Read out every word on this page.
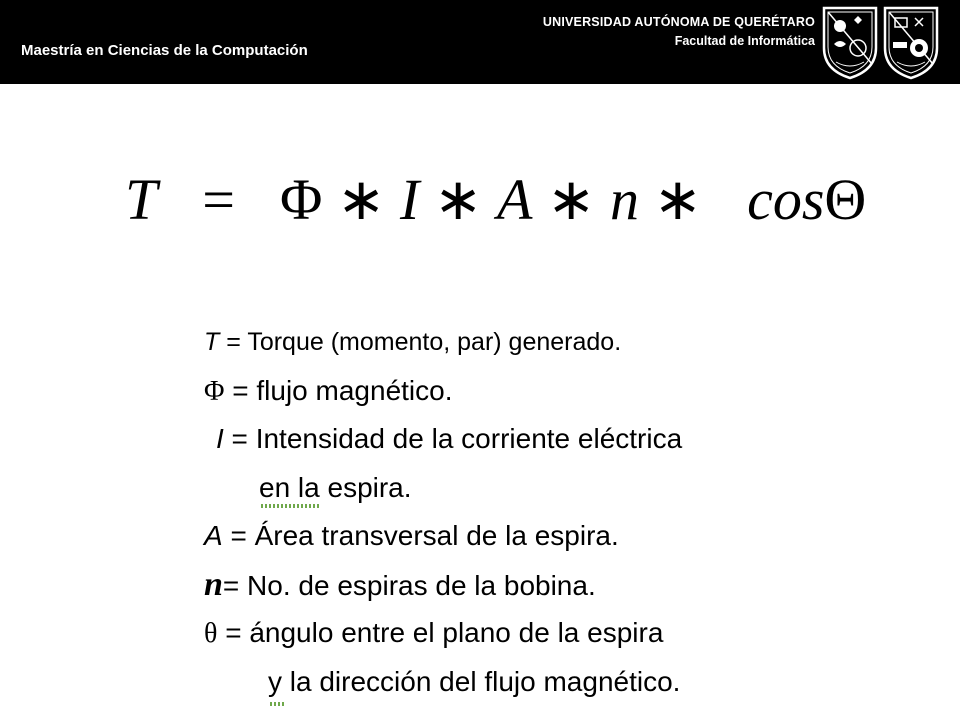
Maestría en Ciencias de la Computación
UNIVERSIDAD AUTÓNOMA DE QUERÉTARO
Facultad de Informática
T = Φ ∗ I ∗ A ∗ n ∗ cosΘ
T = Torque (momento, par) generado.
Φ = flujo magnético.
I = Intensidad de la corriente eléctrica
en la espira.
A = Área transversal de la espira.
n= No. de espiras de la bobina.
θ = ángulo entre el plano de la espira
y la dirección del flujo magnético.
